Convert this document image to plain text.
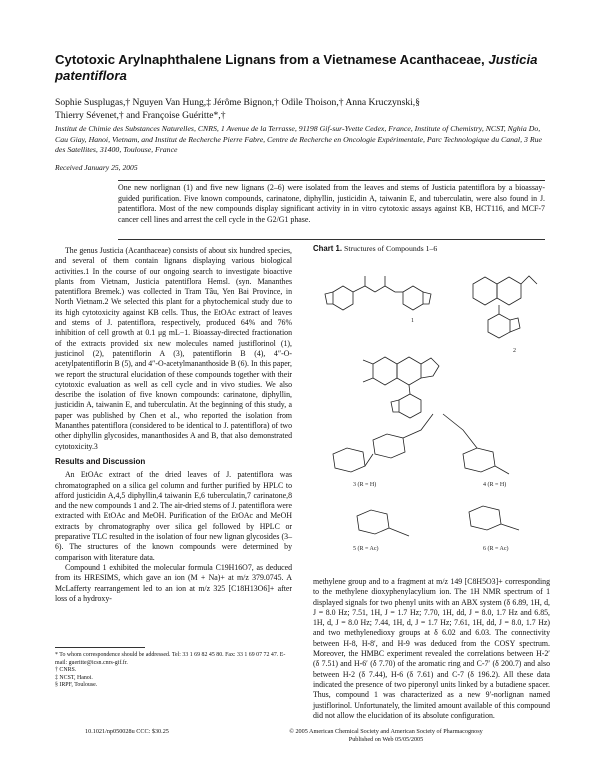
Cytotoxic Arylnaphthalene Lignans from a Vietnamese Acanthaceae, Justicia patentiflora
Sophie Susplugas,† Nguyen Van Hung,‡ Jérôme Bignon,† Odile Thoison,† Anna Kruczynski,§
Thierry Sévenet,† and Françoise Guéritte*,†
Institut de Chimie des Substances Naturelles, CNRS, 1 Avenue de la Terrasse, 91198 Gif-sur-Yvette Cedex, France, Institute of Chemistry, NCST, Nghia Do, Cau Giay, Hanoi, Vietnam, and Institut de Recherche Pierre Fabre, Centre de Recherche en Oncologie Expérimentale, Parc Technologique du Canal, 3 Rue des Satellites, 31400, Toulouse, France
Received January 25, 2005
One new norlignan (1) and five new lignans (2–6) were isolated from the leaves and stems of Justicia patentiflora by a bioassay-guided purification. Five known compounds, carinatone, diphyllin, justicidin A, taiwanin E, and tuberculatin, were also found in J. patentiflora. Most of the new compounds display significant activity in in vitro cytotoxic assays against KB, HCT116, and MCF-7 cancer cell lines and arrest the cell cycle in the G2/G1 phase.

The genus Justicia (Acanthaceae) consists of about six hundred species, and several of them contain lignans displaying various biological activities.1 In the course of our ongoing search to investigate bioactive plants from Vietnam, Justicia patentiflora Hemsl. (syn. Mananthes patentiflora Bremek.) was collected in Tram Tâu, Yen Bai Province, in North Vietnam.2 We selected this plant for a phytochemical study due to its high cytotoxicity against KB cells. Thus, the EtOAc extract of leaves and stems of J. patentiflora, respectively, produced 64% and 76% inhibition of cell growth at 0.1 μg mL−1. Bioassay-directed fractionation of the extracts provided six new molecules named justiflorinol (1), justicinol (2), patentiflorin A (3), patentiflorin B (4), 4″-O-acetylpatentiflorin B (5), and 4″-O-acetylmananthoside B (6). In this paper, we report the structural elucidation of these compounds together with their cytotoxic evaluation as well as cell cycle and in vivo studies. We also describe the isolation of five known compounds: carinatone, diphyllin, justicidin A, taiwanin E, and tuberculatin. At the beginning of this study, a paper was published by Chen et al., who reported the isolation from Mananthes patentiflora (considered to be identical to J. patentiflora) of two other diphyllin glycosides, mananthosides A and B, that also demonstrated cytotoxicity.3

Results and Discussion

An EtOAc extract of the dried leaves of J. patentiflora was chromatographed on a silica gel column and further purified by HPLC to afford justicidin A,4,5 diphyllin,4 taiwanin E,6 tuberculatin,7 carinatone,8 and the new compounds 1 and 2. The air-dried stems of J. patentiflora were extracted with EtOAc and MeOH. Purification of the EtOAc and MeOH extracts by chromatography over silica gel followed by HPLC or preparative TLC resulted in the isolation of four new lignan glycosides (3–6). The structures of the known compounds were determined by comparison with literature data.

Compound 1 exhibited the molecular formula C19H16O7, as deduced from its HRESIMS, which gave an ion (M + Na)+ at m/z 379.0745. A McLafferty rearrangement led to an ion at m/z 325 [C18H13O6]+ after loss of a hydroxy-

Chart 1. Structures of Compounds 1–6
1
2
3 (R = H)	4 (R = H)
5 (R = Ac)	6 (R = Ac)

methylene group and to a fragment at m/z 149 [C8H5O3]+ corresponding to the methylene dioxyphenylacylium ion. The 1H NMR spectrum of 1 displayed signals for two phenyl units with an ABX system (δ 6.89, 1H, d, J = 8.0 Hz; 7.51, 1H, J = 1.7 Hz; 7.70, 1H, dd, J = 8.0, 1.7 Hz and 6.85, 1H, d, J = 8.0 Hz; 7.44, 1H, d, J = 1.7 Hz; 7.61, 1H, dd, J = 8.0, 1.7 Hz) and two methylenedioxy groups at δ 6.02 and 6.03. The connectivity between H-8, H-8′, and H-9 was deduced from the COSY spectrum. Moreover, the HMBC experiment revealed the correlations between H-2′ (δ 7.51) and H-6′ (δ 7.70) of the aromatic ring and C-7′ (δ 200.7) and also between H-2 (δ 7.44), H-6 (δ 7.61) and C-7 (δ 196.2). All these data indicated the presence of two piperonyl units linked by a butadiene spacer. Thus, compound 1 was characterized as a new 9′-norlignan named justiflorinol. Unfortunately, the limited amount available of this compound did not allow the elucidation of its absolute configuration.

* To whom correspondence should be addressed. Tel: 33 1 69 82 45 80. Fax: 33 1 69 07 72 47. E-mail: gueritte@icsn.cnrs-gif.fr.
† CNRS.
‡ NCST, Hanoi.
§ IRPF, Toulouse.
10.1021/np050028u CCC: $30.25	© 2005 American Chemical Society and American Society of Pharmacognosy
Published on Web 05/05/2005
